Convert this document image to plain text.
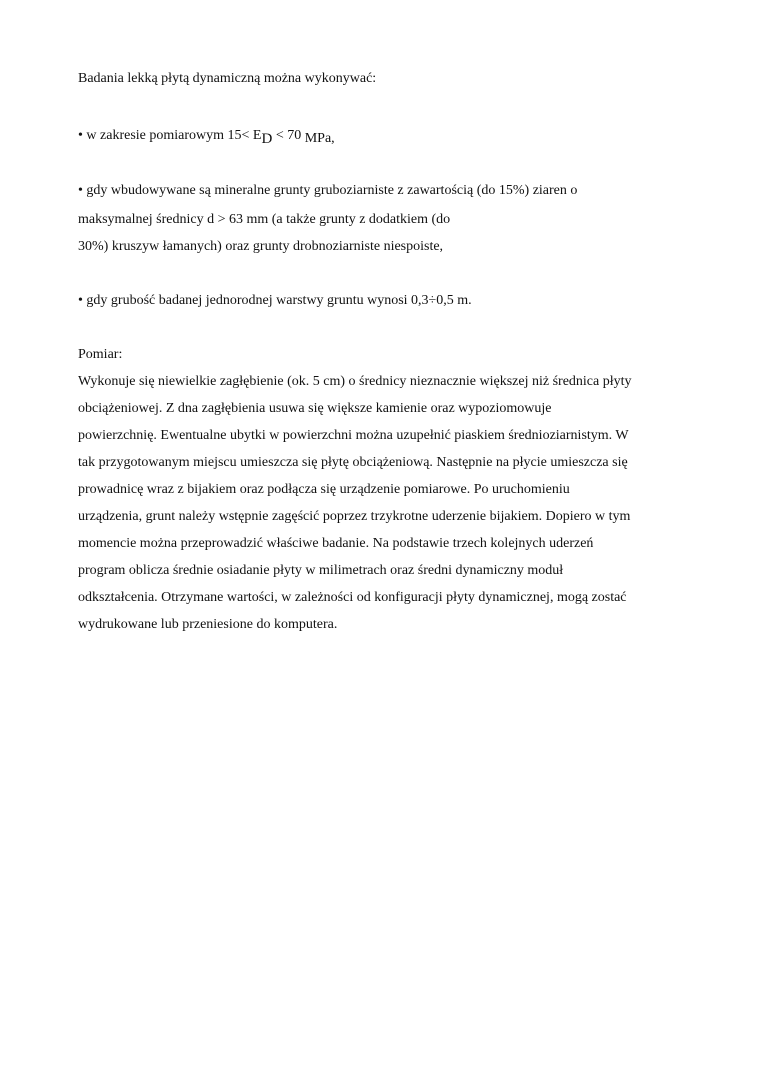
Badania lekką płytą dynamiczną można wykonywać:
• w zakresie pomiarowym 15< ED < 70 MPa,
• gdy wbudowywane są mineralne grunty gruboziarniste z zawartością (do 15%) ziaren o
maksymalnej średnicy d > 63 mm (a także grunty z dodatkiem (do
30%) kruszyw łamanych) oraz grunty drobnoziarniste niespoiste,
• gdy grubość badanej jednorodnej warstwy gruntu wynosi 0,3÷0,5 m.
Pomiar:
Wykonuje się niewielkie zagłębienie (ok. 5 cm) o średnicy nieznacznie większej niż średnica płyty
obciążeniowej. Z dna zagłębienia usuwa się większe kamienie oraz wypoziomowuje
powierzchnię. Ewentualne ubytki w powierzchni można uzupełnić piaskiem średnioziarnistym. W
tak przygotowanym miejscu umieszcza się płytę obciążeniową. Następnie na płycie umieszcza się
prowadnicę wraz z bijakiem oraz podłącza się urządzenie pomiarowe. Po uruchomieniu
urządzenia, grunt należy wstępnie zagęścić poprzez trzykrotne uderzenie bijakiem. Dopiero w tym
momencie można przeprowadzić właściwe badanie. Na podstawie trzech kolejnych uderzeń
program oblicza średnie osiadanie płyty w milimetrach oraz średni dynamiczny moduł
odkształcenia. Otrzymane wartości, w zależności od konfiguracji płyty dynamicznej, mogą zostać
wydrukowane lub przeniesione do komputera.
